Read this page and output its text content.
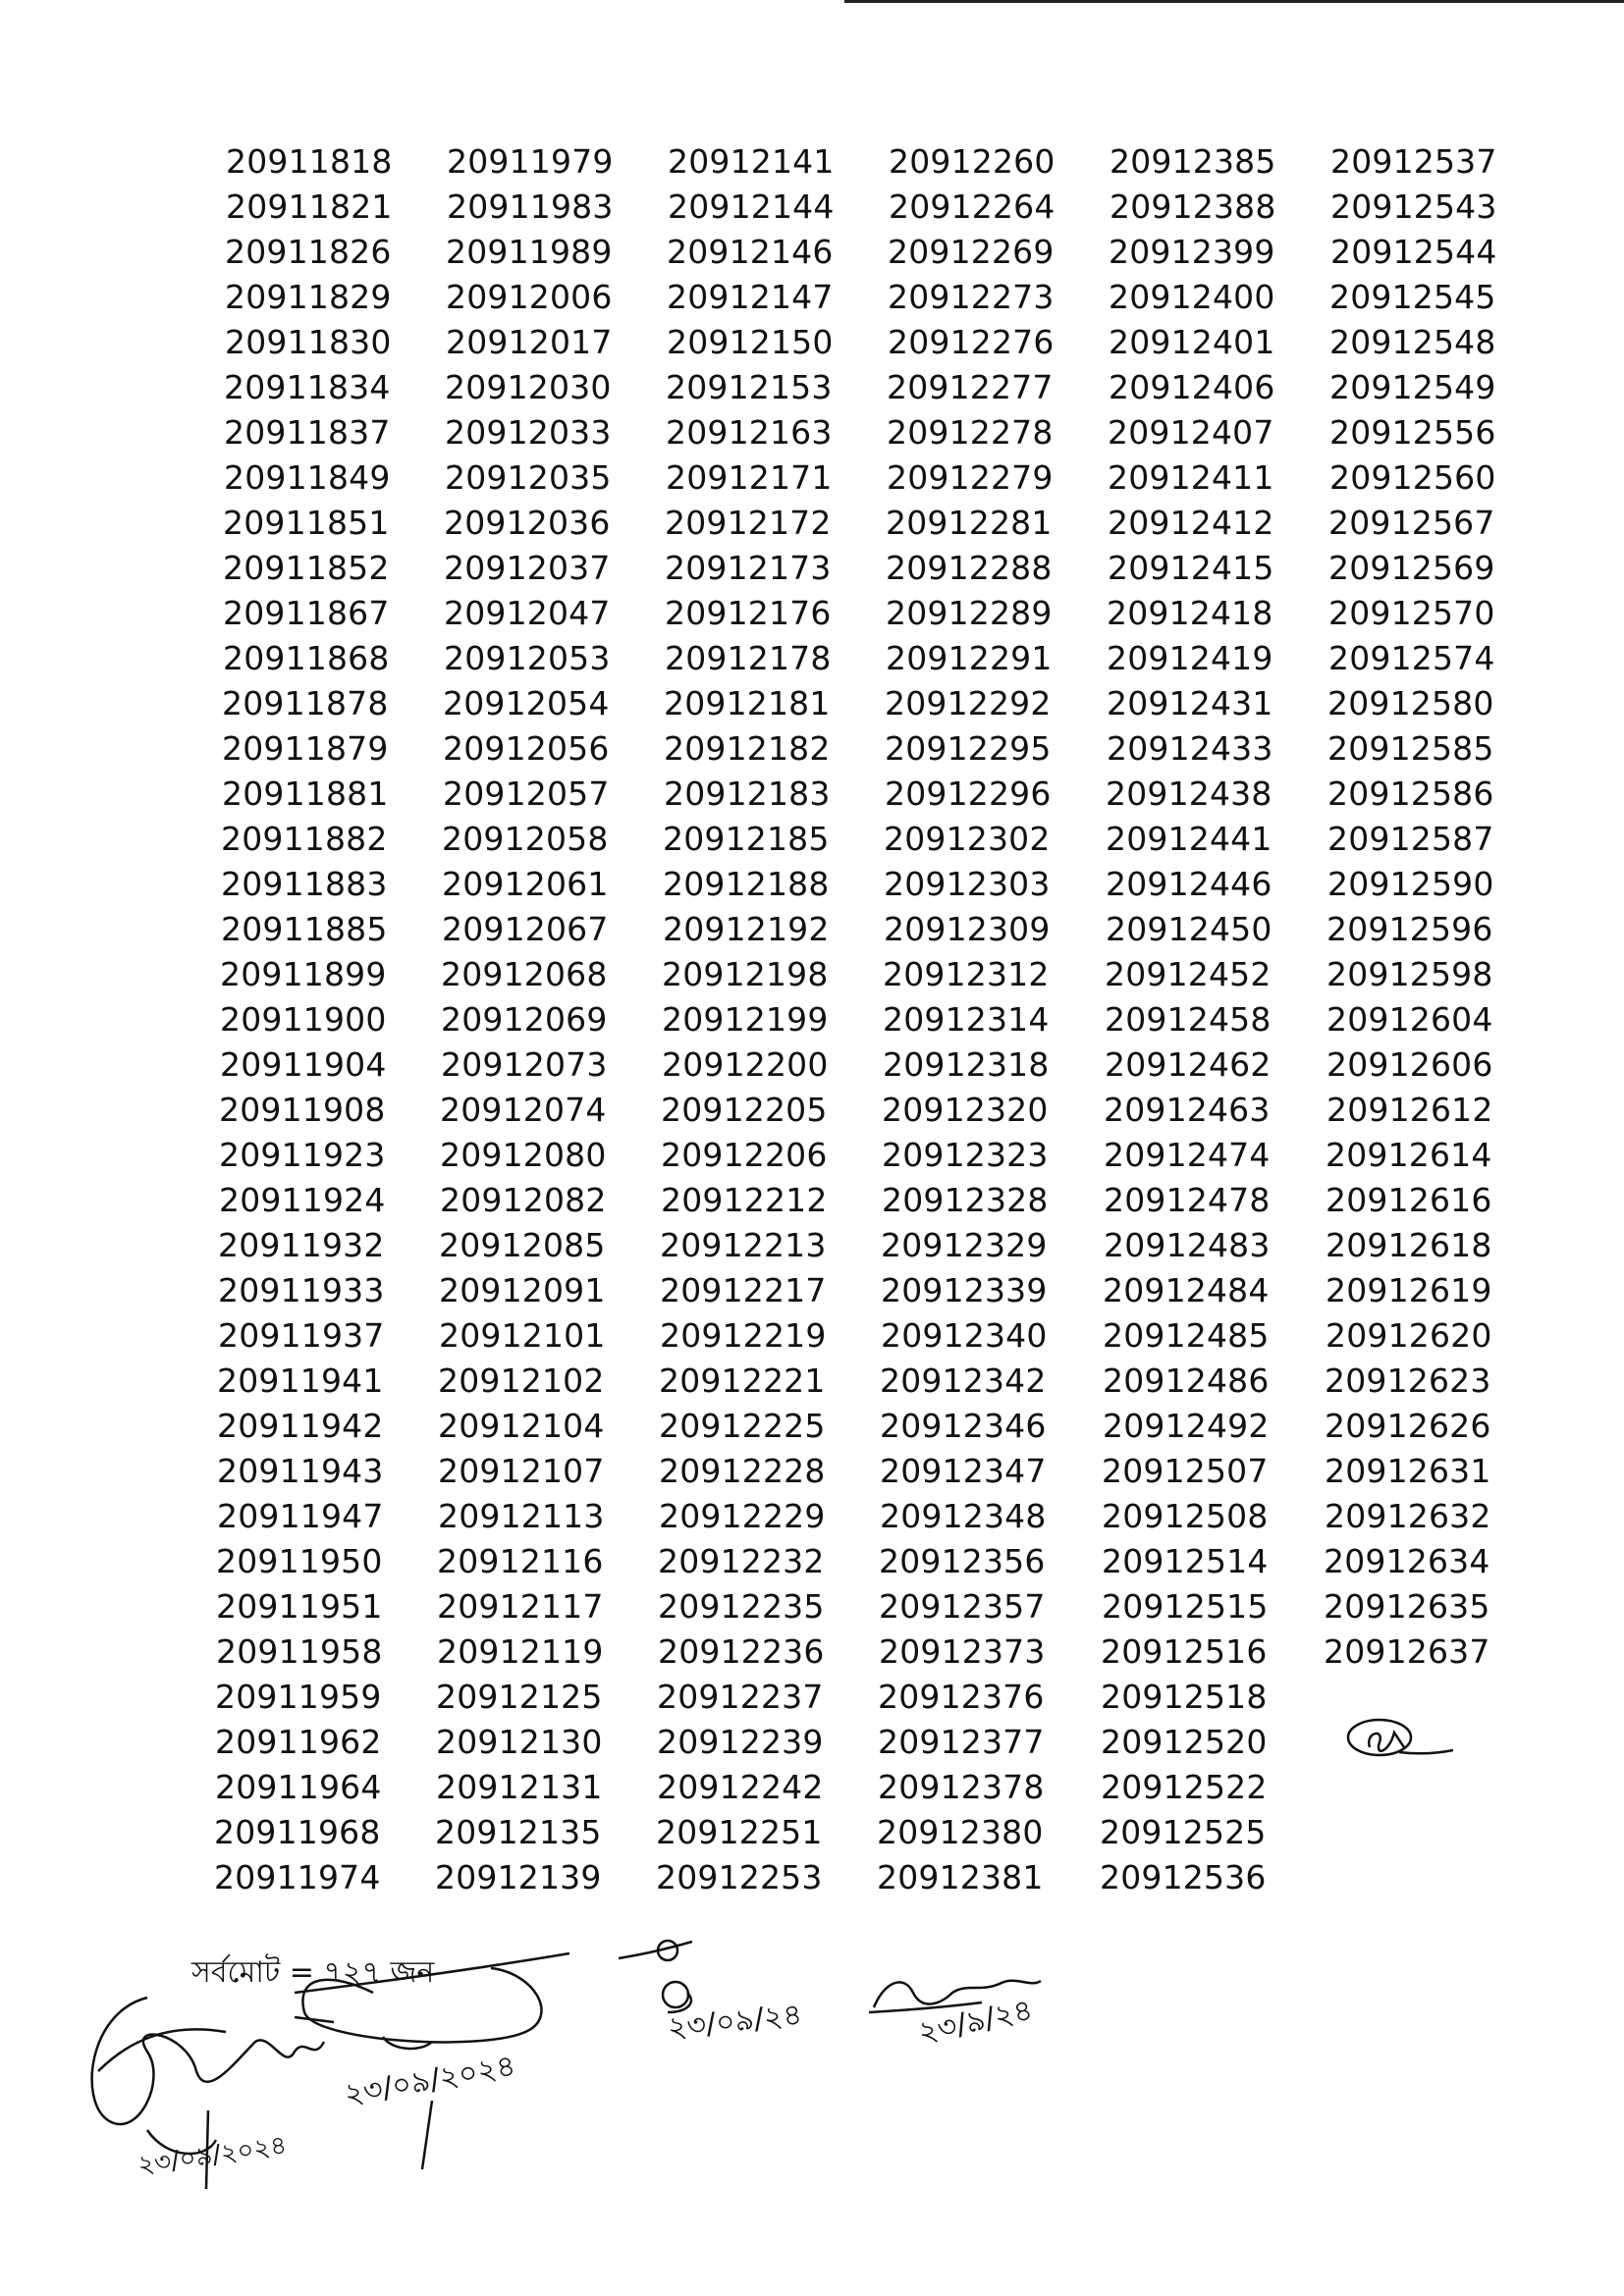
20911818
20911821
20911826
20911829
20911830
20911834
20911837
20911849
20911851
20911852
20911867
20911868
20911878
20911879
20911881
20911882
20911883
20911885
20911899
20911900
20911904
20911908
20911923
20911924
20911932
20911933
20911937
20911941
20911942
20911943
20911947
20911950
20911951
20911958
20911959
20911962
20911964
20911968
20911974
20911979
20911983
20911989
20912006
20912017
20912030
20912033
20912035
20912036
20912037
20912047
20912053
20912054
20912056
20912057
20912058
20912061
20912067
20912068
20912069
20912073
20912074
20912080
20912082
20912085
20912091
20912101
20912102
20912104
20912107
20912113
20912116
20912117
20912119
20912125
20912130
20912131
20912135
20912139
20912141
20912144
20912146
20912147
20912150
20912153
20912163
20912171
20912172
20912173
20912176
20912178
20912181
20912182
20912183
20912185
20912188
20912192
20912198
20912199
20912200
20912205
20912206
20912212
20912213
20912217
20912219
20912221
20912225
20912228
20912229
20912232
20912235
20912236
20912237
20912239
20912242
20912251
20912253
20912260
20912264
20912269
20912273
20912276
20912277
20912278
20912279
20912281
20912288
20912289
20912291
20912292
20912295
20912296
20912302
20912303
20912309
20912312
20912314
20912318
20912320
20912323
20912328
20912329
20912339
20912340
20912342
20912346
20912347
20912348
20912356
20912357
20912373
20912376
20912377
20912378
20912380
20912381
20912385
20912388
20912399
20912400
20912401
20912406
20912407
20912411
20912412
20912415
20912418
20912419
20912431
20912433
20912438
20912441
20912446
20912450
20912452
20912458
20912462
20912463
20912474
20912478
20912483
20912484
20912485
20912486
20912492
20912507
20912508
20912514
20912515
20912516
20912518
20912520
20912522
20912525
20912536
20912537
20912543
20912544
20912545
20912548
20912549
20912556
20912560
20912567
20912569
20912570
20912574
20912580
20912585
20912586
20912587
20912590
20912596
20912598
20912604
20912606
20912612
20912614
20912616
20912618
20912619
20912620
20912623
20912626
20912631
20912632
20912634
20912635
20912637
সর্বমোট = ৭২৭ জন
২৩/০৯/২০২৪
২৩/০৯/২০২৪
২৩/০৯/২৪	২৩/৯/২৪
